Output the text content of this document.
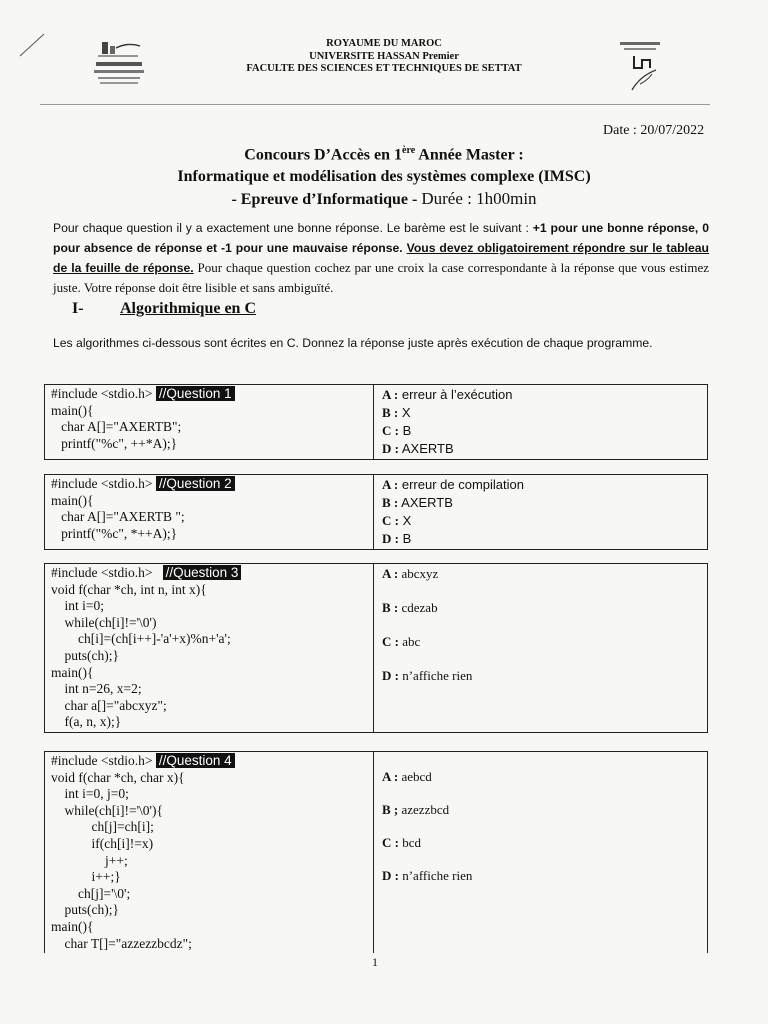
ROYAUME DU MAROC
UNIVERSITE HASSAN Premier
FACULTE DES SCIENCES ET TECHNIQUES DE SETTAT
Date : 20/07/2022
Concours D’Accès en 1ère Année Master :
Informatique et modélisation des systèmes complexe (IMSC)
- Epreuve d’Informatique - Durée : 1h00min
Pour chaque question il y a exactement une bonne réponse. Le barème est le suivant : +1 pour une bonne réponse, 0 pour absence de réponse et -1 pour une mauvaise réponse. Vous devez obligatoirement répondre sur le tableau de la feuille de réponse. Pour chaque question cochez par une croix la case correspondante à la réponse que vous estimez juste. Votre réponse doit être lisible et sans ambiguïté.
I- Algorithmique en C
Les algorithmes ci-dessous sont écrites en C. Donnez la réponse juste après exécution de chaque programme.
#include <stdio.h> //Question 1
main(){
char A[]="AXERTB";
printf("%c", ++*A);}	
A : erreur à l’exécution
B : X
C : B
D : AXERTB
#include <stdio.h> //Question 2
main(){
char A[]="AXERTB ";
printf("%c", *++A);}	
A : erreur de compilation
B : AXERTB
C : X
D : B
#include <stdio.h>   //Question 3
void f(char *ch, int n, int x){
int i=0;
while(ch[i]!='\0')
ch[i]=(ch[i++]-'a'+x)%n+'a';
puts(ch);}
main(){
int n=26, x=2;
char a[]="abcxyz";
f(a, n, x);}	
A : abcxyz
B : cdezab
C : abc
D : n’affiche rien
#include <stdio.h> //Question 4
void f(char *ch, char x){
int i=0, j=0;
while(ch[i]!='\0'){
ch[j]=ch[i];
if(ch[i]!=x)
j++;
i++;}
ch[j]='\0';
puts(ch);}
main(){
char T[]="azzezzbcdz";	
A : aebcd
B ; azezzbcd
C : bcd
D : n’affiche rien
1
